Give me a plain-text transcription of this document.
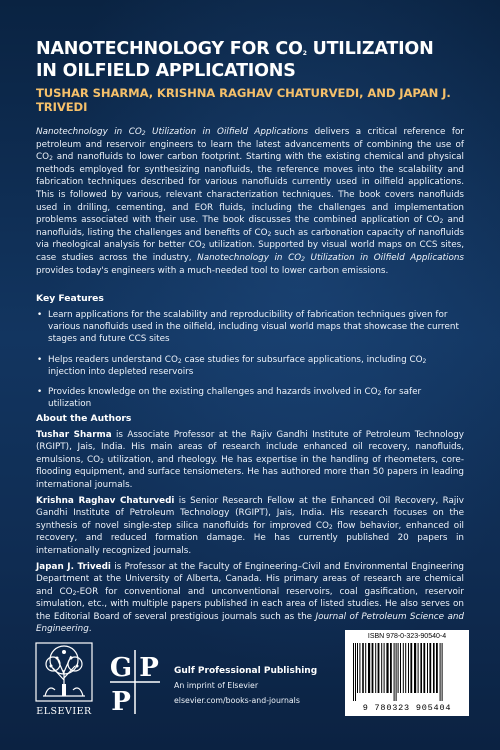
NANOTECHNOLOGY FOR $CO_2$ UTILIZATION
IN OILFIELD APPLICATIONS
TUSHAR SHARMA, KRISHNA RAGHAV CHATURVEDI, AND JAPAN J. TRIVEDI
Nanotechnology in $CO_2$ Utilization in Oilfield Applications delivers a critical reference for petroleum and reservoir engineers to learn the latest advancements of combining the use of $CO_2$ and nanofluids to lower carbon footprint. Starting with the existing chemical and physical methods employed for synthesizing nanofluids, the reference moves into the scalability and fabrication techniques described for various nanofluids currently used in oilfield applications. This is followed by various, relevant characterization techniques. The book covers nanofluids used in drilling, cementing, and EOR fluids, including the challenges and implementation problems associated with their use. The book discusses the combined application of $CO_2$ and nanofluids, listing the challenges and benefits of $CO_2$ such as carbonation capacity of nanofluids via rheological analysis for better $CO_2$ utilization. Supported by visual world maps on CCS sites, case studies across the industry, Nanotechnology in $CO_2$ Utilization in Oilfield Applications provides today's engineers with a much-needed tool to lower carbon emissions.
Key Features
• Learn applications for the scalability and reproducibility of fabrication techniques given for various nanofluids used in the oilfield, including visual world maps that showcase the current stages and future CCS sites
• Helps readers understand $CO_2$ case studies for subsurface applications, including $CO_2$ injection into depleted reservoirs
• Provides knowledge on the existing challenges and hazards involved in $CO_2$ for safer utilization
About the Authors

Tushar Sharma is Associate Professor at the Rajiv Gandhi Institute of Petroleum Technology (RGIPT), Jais, India. His main areas of research include enhanced oil recovery, nanofluids, emulsions, $CO_2$ utilization, and rheology. He has expertise in the handling of rheometers, core-flooding equipment, and surface tensiometers. He has authored more than 50 papers in leading international journals.

Krishna Raghav Chaturvedi is Senior Research Fellow at the Enhanced Oil Recovery, Rajiv Gandhi Institute of Petroleum Technology (RGIPT), Jais, India. His research focuses on the synthesis of novel single-step silica nanofluids for improved $CO_2$ flow behavior, enhanced oil recovery, and reduced formation damage. He has currently published 20 papers in internationally recognized journals.

Japan J. Trivedi is Professor at the Faculty of Engineering–Civil and Environmental Engineering Department at the University of Alberta, Canada. His primary areas of research are chemical and $CO_2$-EOR for conventional and unconventional reservoirs, coal gasification, reservoir simulation, etc., with multiple papers published in each area of listed studies. He also serves on the Editorial Board of several prestigious journals such as the Journal of Petroleum Science and Engineering.

ELSEVIER
G P
P
Gulf Professional Publishing
An imprint of Elsevier
elsevier.com/books-and-journals
ISBN 978-0-323-90540-4
9 780323 905404
